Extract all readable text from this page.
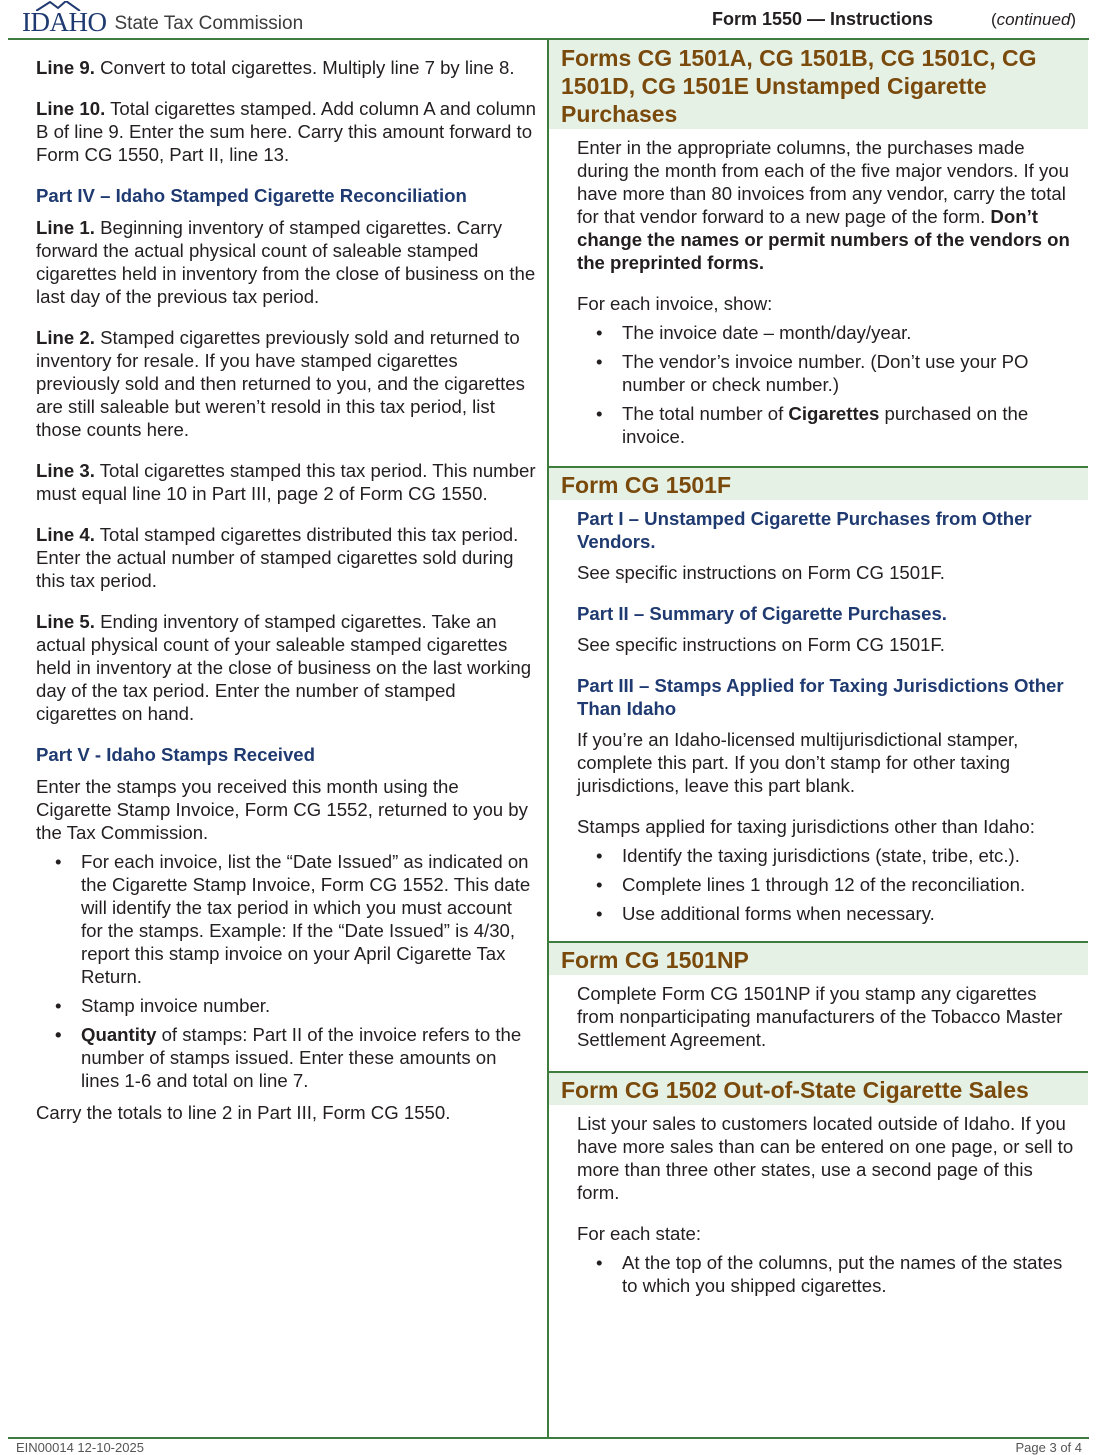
IDAHO State Tax Commission	Form 1550 — Instructions	(continued)

Line 9. Convert to total cigarettes. Multiply line 7 by line 8.

Line 10. Total cigarettes stamped. Add column A and column B of line 9. Enter the sum here. Carry this amount forward to Form CG 1550, Part II, line 13.

Part IV – Idaho Stamped Cigarette Reconciliation

Line 1. Beginning inventory of stamped cigarettes. Carry forward the actual physical count of saleable stamped cigarettes held in inventory from the close of business on the last day of the previous tax period.

Line 2. Stamped cigarettes previously sold and returned to inventory for resale. If you have stamped cigarettes previously sold and then returned to you, and the cigarettes are still saleable but weren’t resold in this tax period, list those counts here.

Line 3. Total cigarettes stamped this tax period. This number must equal line 10 in Part III, page 2 of Form CG 1550.

Line 4. Total stamped cigarettes distributed this tax period. Enter the actual number of stamped cigarettes sold during this tax period.

Line 5. Ending inventory of stamped cigarettes. Take an actual physical count of your saleable stamped cigarettes held in inventory at the close of business on the last working day of the tax period. Enter the number of stamped cigarettes on hand.

Part V - Idaho Stamps Received

Enter the stamps you received this month using the Cigarette Stamp Invoice, Form CG 1552, returned to you by the Tax Commission.

• For each invoice, list the “Date Issued” as indicated on the Cigarette Stamp Invoice, Form CG 1552. This date will identify the tax period in which you must account for the stamps. Example: If the “Date Issued” is 4/30, report this stamp invoice on your April Cigarette Tax Return.
• Stamp invoice number.
• Quantity of stamps: Part II of the invoice refers to the number of stamps issued. Enter these amounts on lines 1-6 and total on line 7.

Carry the totals to line 2 in Part III, Form CG 1550.

Forms CG 1501A, CG 1501B, CG 1501C, CG 1501D, CG 1501E Unstamped Cigarette Purchases

Enter in the appropriate columns, the purchases made during the month from each of the five major vendors. If you have more than 80 invoices from any vendor, carry the total for that vendor forward to a new page of the form. Don’t change the names or permit numbers of the vendors on the preprinted forms.

For each invoice, show:

• The invoice date – month/day/year.
• The vendor’s invoice number. (Don’t use your PO number or check number.)
• The total number of Cigarettes purchased on the invoice.
Form CG 1501F
Part I – Unstamped Cigarette Purchases from Other Vendors.

See specific instructions on Form CG 1501F.

Part II – Summary of Cigarette Purchases.

See specific instructions on Form CG 1501F.

Part III – Stamps Applied for Taxing Jurisdictions Other Than Idaho

If you’re an Idaho-licensed multijurisdictional stamper, complete this part. If you don’t stamp for other taxing jurisdictions, leave this part blank.

Stamps applied for taxing jurisdictions other than Idaho:

• Identify the taxing jurisdictions (state, tribe, etc.).
• Complete lines 1 through 12 of the reconciliation.
• Use additional forms when necessary.
Form CG 1501NP

Complete Form CG 1501NP if you stamp any cigarettes from nonparticipating manufacturers of the Tobacco Master Settlement Agreement.

Form CG 1502 Out-of-State Cigarette Sales

List your sales to customers located outside of Idaho. If you have more sales than can be entered on one page, or sell to more than three other states, use a second page of this form.

For each state:

• At the top of the columns, put the names of the states to which you shipped cigarettes.
EIN00014 12-10-2025	Page 3 of 4
